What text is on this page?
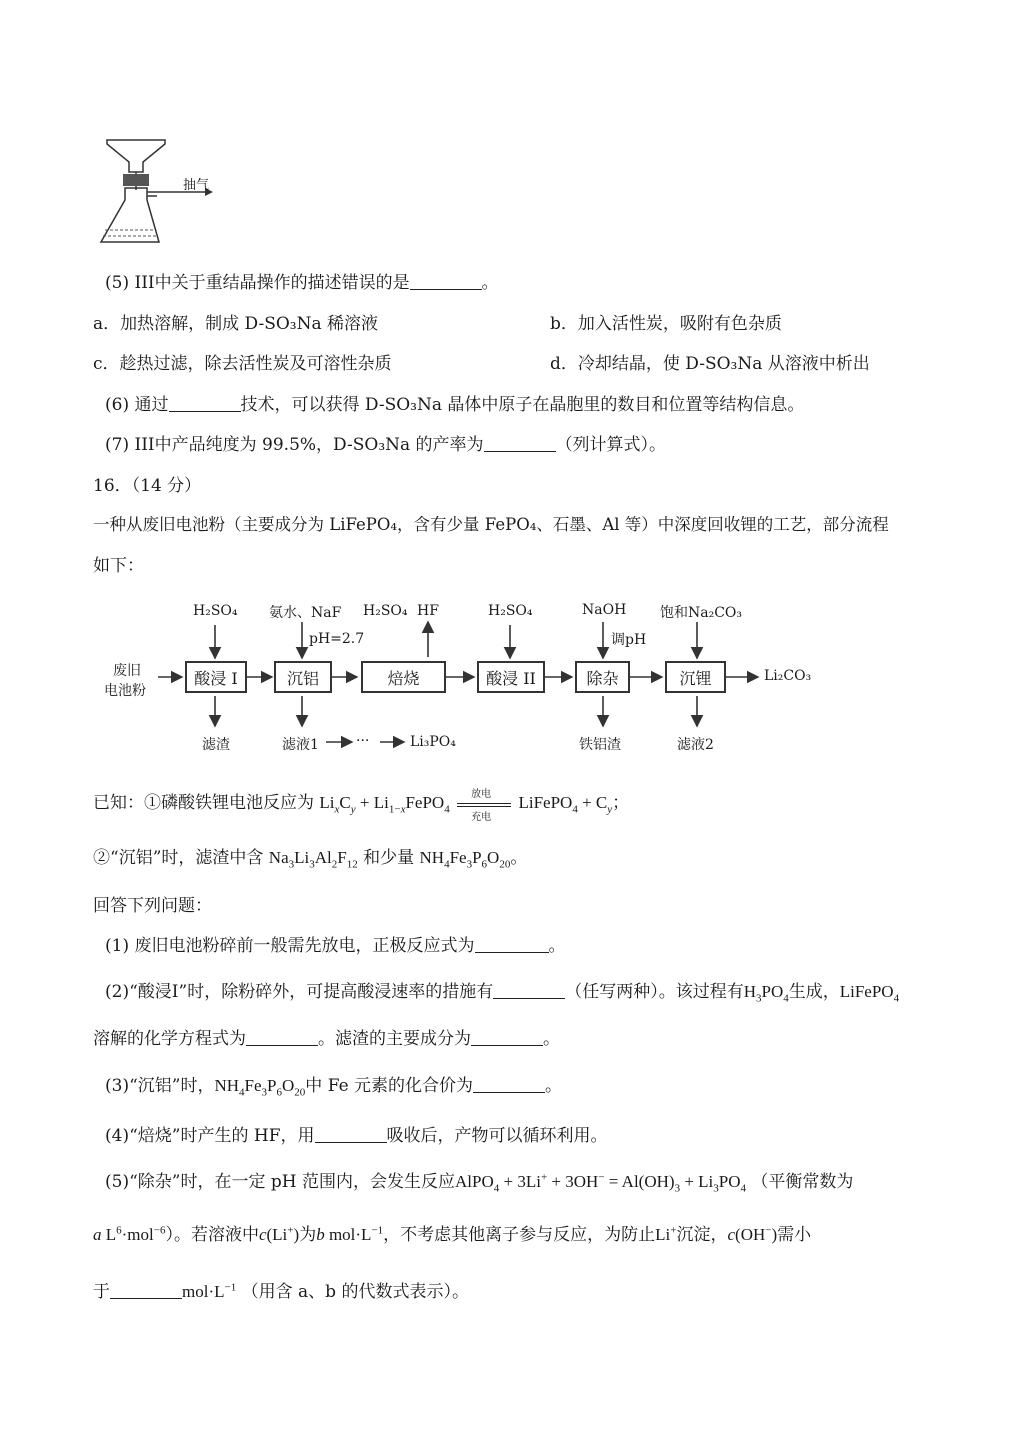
抽气
(5) III中关于重结晶操作的描述错误的是	。
a．加热溶解，制成 D-SO₃Na 稀溶液	b．加入活性炭，吸附有色杂质
c．趁热过滤，除去活性炭及可溶性杂质	d．冷却结晶，使 D-SO₃Na 从溶液中析出
(6) 通过	技术，可以获得 D-SO₃Na 晶体中原子在晶胞里的数目和位置等结构信息。
(7) III中产品纯度为 99.5%，D-SO₃Na 的产率为	（列计算式）。
16．（14 分）
一种从废旧电池粉（主要成分为 LiFePO₄，含有少量 FePO₄、石墨、Al 等）中深度回收锂的工艺，部分流程
如下：
废旧
电池粉
酸浸 I	沉铝	焙烧	酸浸 II	除杂	沉锂
H₂SO₄ 氨水、NaF
pH=2.7
H₂SO₄ HF	H₂SO₄	NaOH
调pH
饱和Na₂CO₃
滤渣	滤液1	···	Li₃PO₄	铁铝渣	滤液2
Li₂CO₃
已知：①磷酸铁锂电池反应为 $Li_xC_y$ + $Li_{1-x}FePO_4$
放电
充电
LiFePO$_4$ + $C_y$；
②“沉铝”时，滤渣中含 $Na_3Li_3Al_2F_{12}$ 和少量 $NH_4Fe_3P_6O_{20}$。
回答下列问题：
(1) 废旧电池粉碎前一般需先放电，正极反应式为	。
(2)“酸浸Ⅰ”时，除粉碎外，可提高酸浸速率的措施有	（任写两种）。该过程有$H_3PO_4$生成，LiFePO$_4$
溶解的化学方程式为	。滤渣的主要成分为	。
(3)“沉铝”时，$NH_4Fe_3P_6O_{20}$中 Fe 元素的化合价为	。
(4)“焙烧”时产生的 HF，用	吸收后，产物可以循环利用。
(5)“除杂”时，在一定 pH 范围内，会发生反应AlPO$_4$ + $3Li^+ + 3OH^- = Al(OH)_3 + Li_3PO_4$ （平衡常数为
a $L^6\cdot mol^{-6}$）。若溶液中c(Li+)为b $mol\cdot L^{-1}$，不考虑其他离子参与反应，为防止Li+沉淀，c(OH−)需小
于	$mol\cdot L^{-1}$ （用含 a、b 的代数式表示）。
